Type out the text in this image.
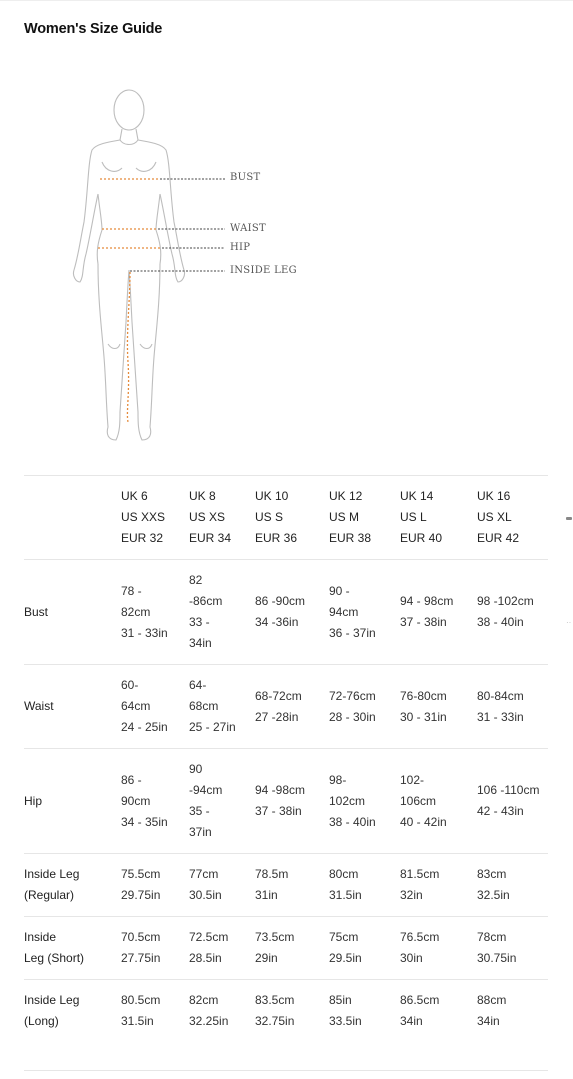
Women's Size Guide
BUST
WAIST
HIP
INSIDE LEG

	UK 6
US XXS
EUR 32	UK 8
US XS
EUR 34	UK 10
US S
EUR 36	UK 12
US M
EUR 38	UK 14
US L
EUR 40	UK 16
US XL
EUR 42

Bust	78 -
82cm
31 - 33in	82
-86cm
33 -
34in	86 -90cm
34 -36in	90 -
94cm
36 - 37in	94 - 98cm
37 - 38in	98 -102cm
38 - 40in

Waist	60-
64cm
24 - 25in	64-
68cm
25 - 27in	68-72cm
27 -28in	72-76cm
28 - 30in	76-80cm
30 - 31in	80-84cm
31 - 33in

Hip	86 -
90cm
34 - 35in	90
-94cm
35 -
37in	94 -98cm
37 - 38in	98-
102cm
38 - 40in	102-
106cm
40 - 42in	106 -110cm
42 - 43in

Inside Leg
(Regular)	75.5cm
29.75in	77cm
30.5in	78.5m
31in	80cm
31.5in	81.5cm
32in	83cm
32.5in

Inside
Leg (Short)	70.5cm
27.75in	72.5cm
28.5in	73.5cm
29in	75cm
29.5in	76.5cm
30in	78cm
30.75in

Inside Leg
(Long)	80.5cm
31.5in	82cm
32.25in	83.5cm
32.75in	85in
33.5in	86.5cm
34in	88cm
34in
··
